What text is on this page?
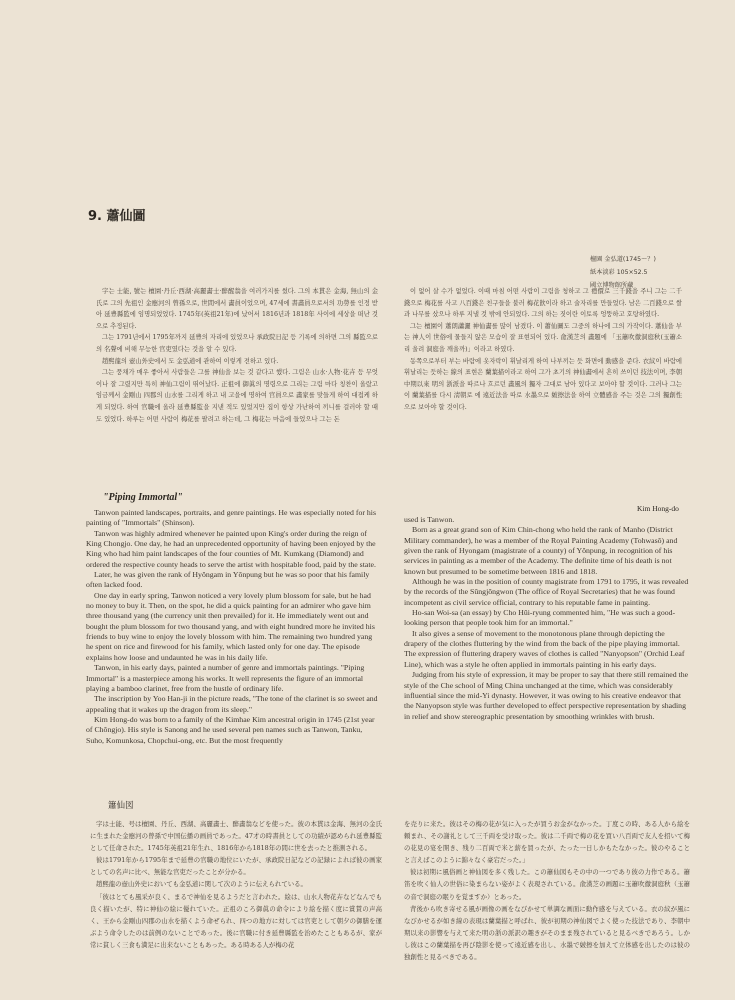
9. 蕭仙圖
檀園 金弘道(1745～？)
紙本淡彩 105×52.5
國立博物館所藏

字는 士能, 號는 檀園·丹丘·西湖·高麗畵士·醉醒翁을 여러가지를 썼다. 그의 本貫은 金海, 無山의 金氏로 그의 先祖인 金應河의 曾孫으로, 世間에서 畵員이었으며, 47세에 書畵員으로서의 功勞를 인정 받아 延豊縣監에 임명되었었다. 1745年(英祖21年)에 났어서 1816년과 1818年 사이에 세상을 떠난 것으로 추정된다.

그는 1791년에서 1795年까지 延豊의 자리에 있었으나 承政院日記 등 기록에 의하면 그의 縣監으로의 名聲에 비해 무능한 官吏였다는 것을 알 수 있다.

趙熙龍의 壺山外史에서 도 金弘道에 관하여 이렇게 전하고 있다.

그는 풍채가 매우 좋아서 사람들은 그를 神仙을 보는 것 같다고 했다. 그림은 山水·人物·花卉 등 무엇이나 잘 그렸지만 특히 神仙그림이 뛰어났다. 正祖에 御眞의 명령으로 그리는 그림 마다 칭찬이 올랐고 임금께서 金剛山 四郡의 山水를 그리게 하고 내 고을에 명하여 官員으로 畵家를 맞들게 하여 대접케 하게 되었다. 하여 官職에 올라 延豊縣監을 지낸 적도 있었지만 집이 항상 가난하여 끼니를 걸러야 할 때도 있었다. 하루는 어떤 사람이 梅花를 팔려고 하는데, 그 梅花는 마음에 들었으나 그는 돈

이 없어 살 수가 없었다. 이때 마침 어떤 사람이 그림을 청하고 그 禮價로 三千錢을 주니 그는 二千錢으로 梅花를 사고 八百錢은 친구들을 불러 梅花飮이라 하고 술자리를 만들었다. 남은 二百錢으로 쌀과 나무를 샀으나 하루 지낼 것 밖에 안되었다. 그의 하는 짓이란 이토록 엉뚱하고 호탕하였다.

그는 檀園이 蕭朗瀟灑 神仙畵를 많이 남겼다. 이 蕭仙圖도 그중의 하나에 그의 가작이다. 蕭仙을 부는 神人이 世俗에 물들지 않은 모습이 잘 표현되어 있다. 兪漢芝의 畵題에 「玉簫吹徹洞庭秋(玉簫소리 울려 洞庭을 깨울까)」이라고 하였다.

동쪽으로부터 부는 바람에 옷자락이 휘날리게 하여 나부끼는 듯 화면에 動感을 준다. 衣紋이 바람에 휘날리는 듯하는 線의 표현은 蘭葉描이라고 하여 그가 초기의 神仙畵에서 흔히 쓰이던 技法이며, 李朝中期以來 明의 浙派을 따르나 흐르던 畵風의 獨자 그대로 남아 있다고 보아야 할 것이다. 그러나 그는 이 蘭葉描를 다시 淸朝로 에 遠近法을 따로 水墨으로 皴擦法을 하여 立體感을 주는 것은 그의 獨創性으로 보아야 할 것이다.

"Piping Immortal"
Kim Hong-do

Tanwon painted landscapes, portraits, and genre paintings. He was especially noted for his painting of "Immortals" (Shinson).

Tanwon was highly admired whenever he painted upon King's order during the reign of King Chongjo. One day, he had an unprecedented opportunity of having been enjoyed by the King who had him paint landscapes of the four counties of Mt. Kumkang (Diamond) and ordered the respective county heads to serve the artist with hospitable food, paid by the state.

Later, he was given the rank of Hyŏngam in Yŏnpung but he was so poor that his family often lacked food.

One day in early spring, Tanwon noticed a very lovely plum blossom for sale, but he had no money to buy it. Then, on the spot, he did a quick painting for an admirer who gave him three thousand yang (the currency unit then prevailed) for it. He immediately went out and bought the plum blossom for two thousand yang, and with eight hundred more he invited his friends to buy wine to enjoy the lovely blossom with him. The remaining two hundred yang he spent on rice and firewood for his family, which lasted only for one day. The episode explains how loose and undaunted he was in his daily life.

Tanwon, in his early days, painted a number of genre and immortals paintings. "Piping Immortal" is a masterpiece among his works. It well represents the figure of an immortal playing a bamboo clarinet, free from the hustle of ordinary life.

The inscription by Yoo Han-ji in the picture reads, "The tone of the clarinet is so sweet and appealing that it wakes up the dragon from its sleep."

Kim Hong-do was born to a family of the Kimhae Kim ancestral origin in 1745 (21st year of Chŏngjo). His style is Sanong and he used several pen names such as Tanwon, Tanku, Suho, Komunkosa, Chopchui-ong, etc. But the most frequently

used is Tanwon.

Born as a great grand son of Kim Chin-chong who held the rank of Manho (District Military commander), he was a member of the Royal Painting Academy (Tohwasŏ) and given the rank of Hyongam (magistrate of a county) of Yŏnpung, in recognition of his services in painting as a member of the Academy. The definite time of his death is not known but presumed to be sometime between 1816 and 1818.

Although he was in the position of county magistrate from 1791 to 1795, it was revealed by the records of the Sŭngjŏngwon (The office of Royal Secretaries) that he was found incompetent as civil service official, contrary to his reputable fame in painting.

Ho-san Woi-sa (an essay) by Cho Hŭi-ryung commented him, "He was such a good-looking person that people took him for an immortal."

It also gives a sense of movement to the monotonous plane through depicting the drapery of the clothes fluttering by the wind from the back of the pipe playing immortal. The expression of fluttering drapery waves of clothes is called "Nanyopson" (Orchid Leaf Line), which was a style he often applied in immortals painting in his early days.

Judging from his style of expression, it may be proper to say that there still remained the style of the Che school of Ming China unchanged at the time, which was considerably influential since the mid-Yi dynasty. However, it was owing to his creative endeavor that the Nanyopson style was further developed to effect perspective representation by shading in relief and show stereographic presentation by smoothing wrinkles with brush.

簫仙図

字は士能、号は檀園、丹丘、西湖、高麗畵士、醉畵翁などを使った。彼の本貫は金海、無河の金氏に生まれた金應河の曾孫で中国伝播の画員であった。47才の時書員としての功績が認められ延豊縣監として任命された。1745年英祖21年生れ、1816年から1818年の間に世を去ったと推測される。

彼は1791年から1795年まで延豊の官職の地位にいたが、承政院日記などの記録によれば彼の画家としての名声に比べ、無能な官吏だったことが分かる。

趙熙龍の壺山外史においても金弘道に関して次のように伝えられている。

「彼はとても風采が良く、まるで神仙を見るようだと言われた。絵は、山水人物花卉などなんでも良く描いたが、特に神仙の絵に優れていた。正祖のころ御眞の命令により絵を描く度に賞賛の声高く、王から金剛山四郡の山水を描くよう命ぜられ、四つの地方に対しては官吏として朝夕の御膳を運ぶよう命令したのは前例のないことであった。後に官職に付き延豊縣監を治めたこともあるが、家が常に貧しく三食も満足に出来ないこともあった。ある時ある人が梅の花

を売りに来た。彼はその梅の花が気に入ったが買うお金がなかった。丁度この時、ある人から絵を頼まれ、その謝礼として三千両を受け取った。彼は二千両で梅の花を買い八百両で友人を招いて梅の花見の宴を開き、残り二百両で米と薪を買ったが、たった一日しかもたなかった。彼のやることと言えばこのように錦々なく豪宕だった。」

彼は初期に風俗画と神仙図を多く残した。この簫仙図もその中の一つであり彼の力作である。簫笛を吹く仙人の世俗に染まらない姿がよく表現されている。兪漢芝の画題に玉簫吹徹洞庭秋（玉簫の音で洞庭の眠りを覚ますか）とあった。

背後から吹き寄せる風が画像の画をなびかせて単調な画面に動作感を与えている。衣の紋が風になびかせるが如き線の表現は蘭葉描と呼ばれ、彼が初期の神仙図でよく使った技法であり、李朝中期以来の影響を与えて来た明の浙の派訳の趣きがそのまま残されていると見るべきであろう。しかし彼はこの蘭葉描を再び陰影を使って遠近感を出し、水墨で皴擦を加えて立体感を出したのは彼の独創性と見るべきである。
